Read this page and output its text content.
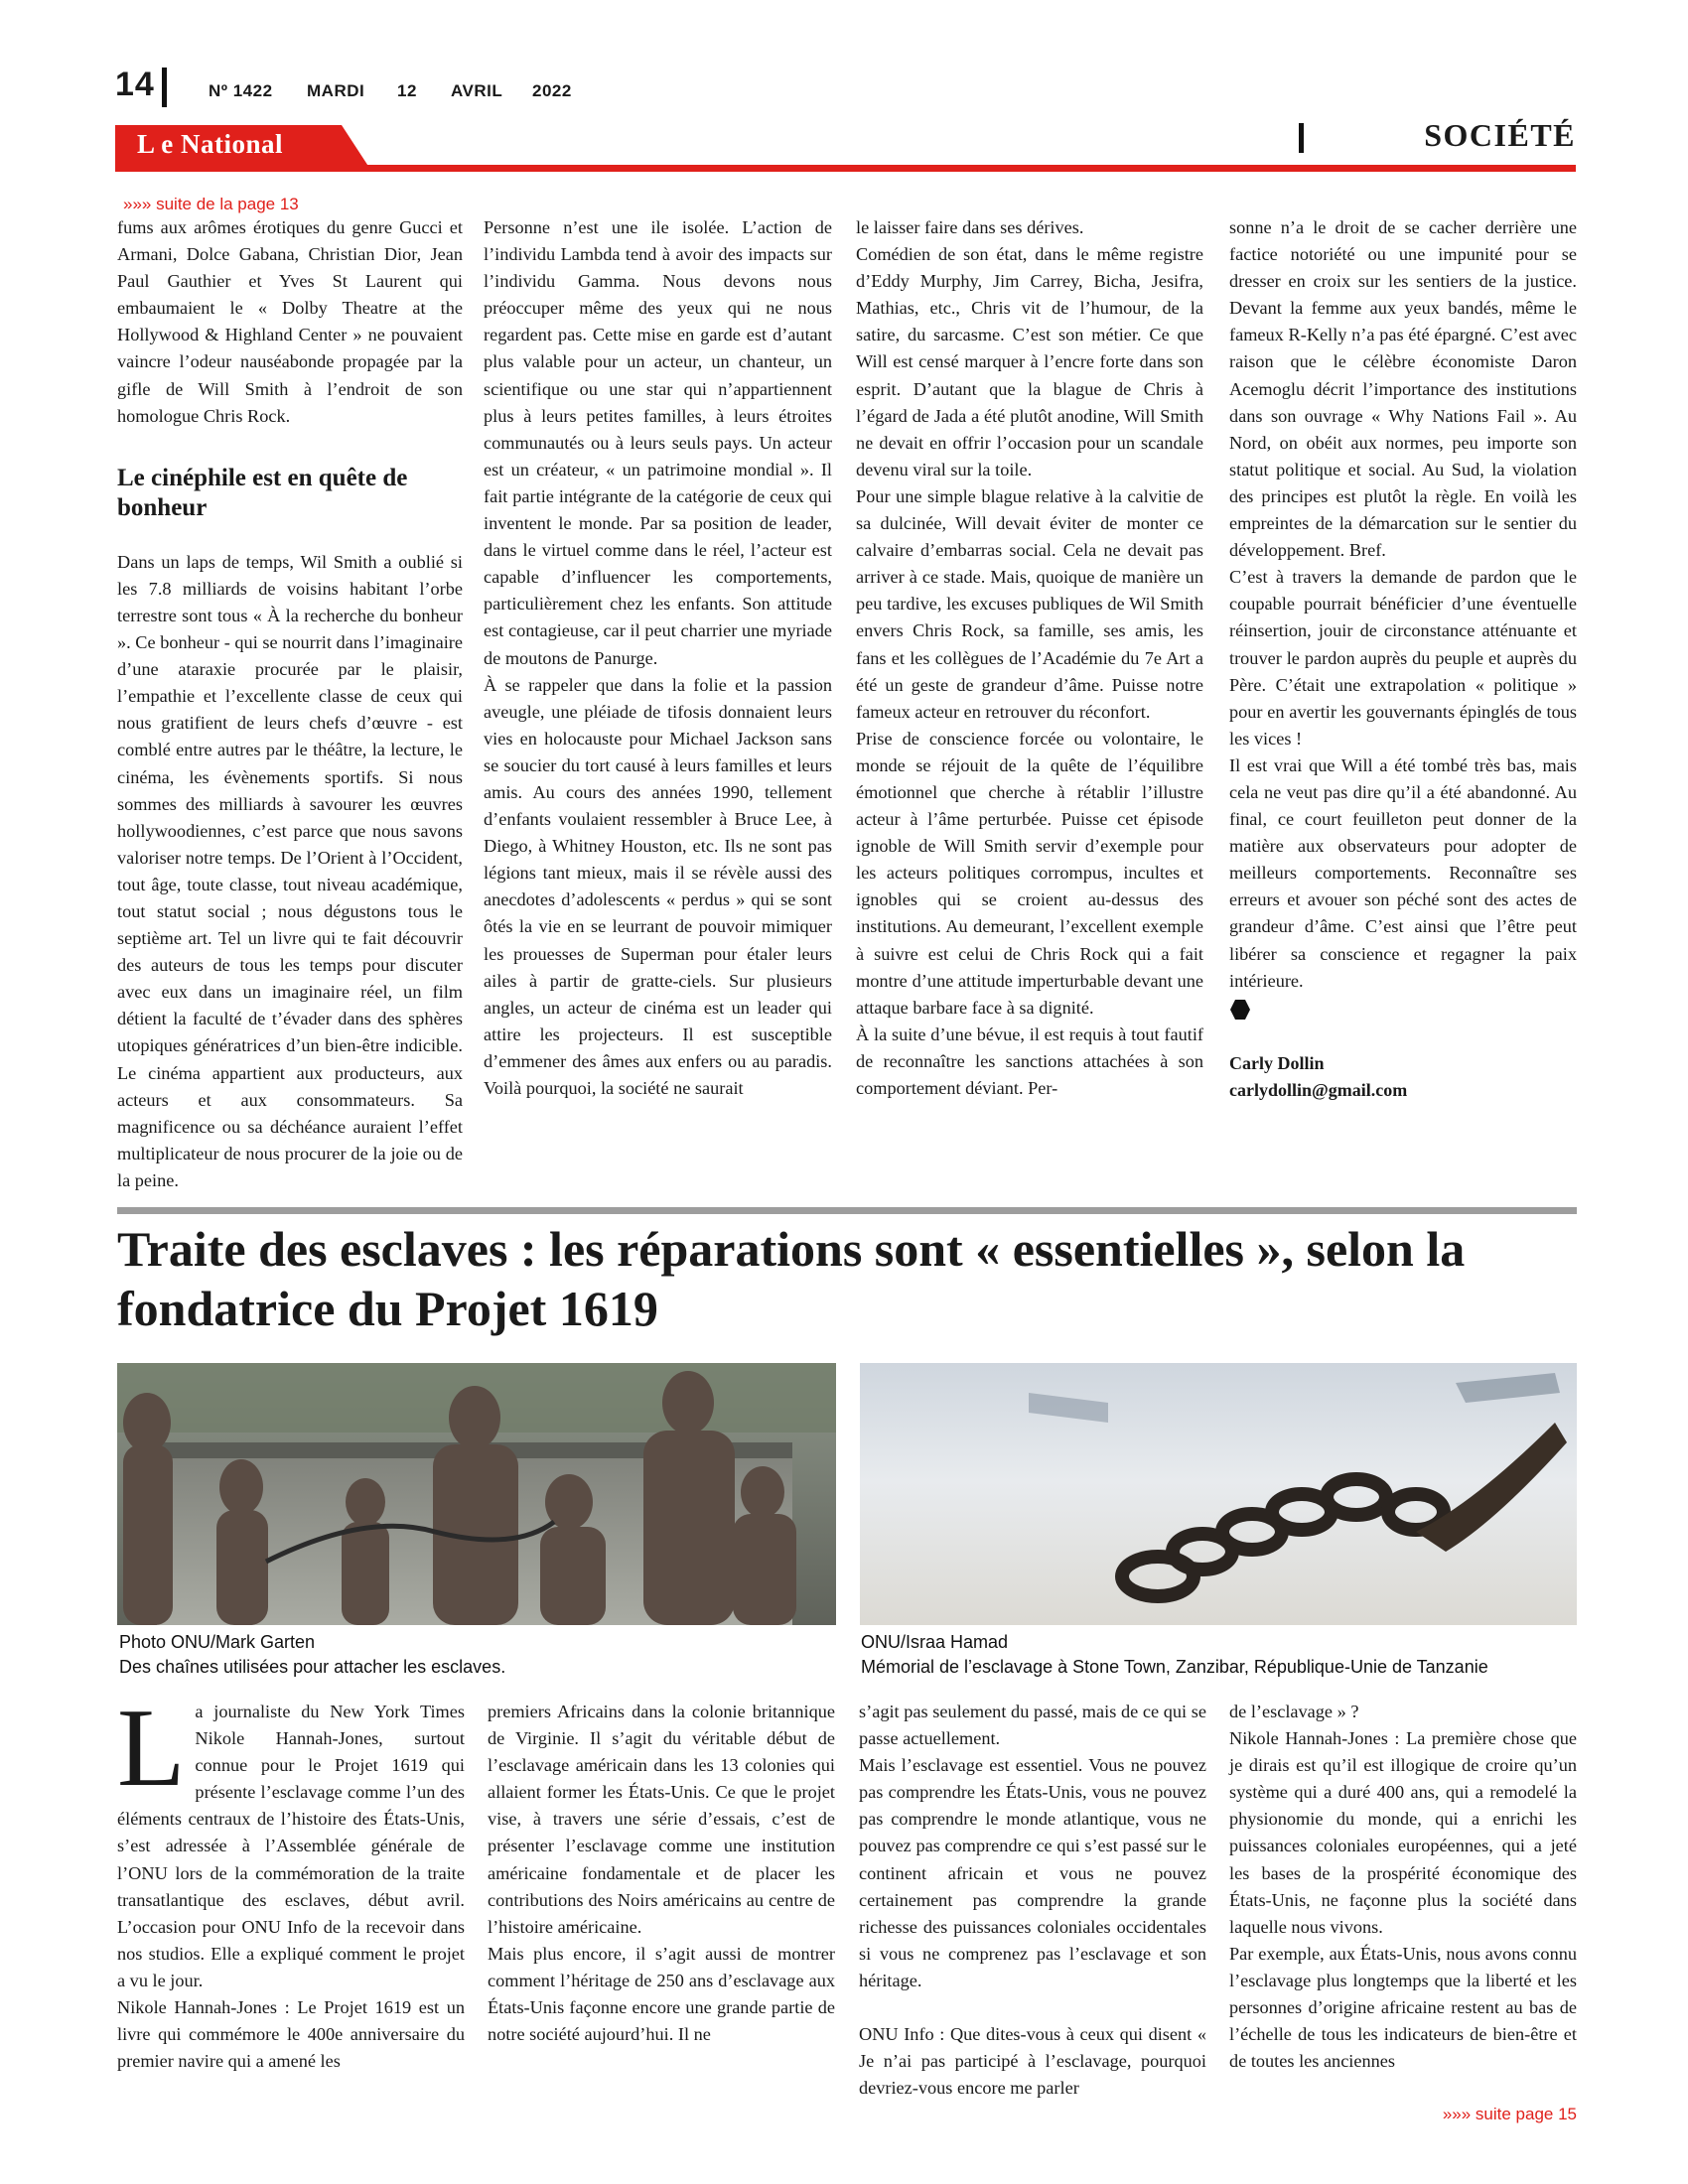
14	Nº 1422 MARDI 12 AVRIL 2022
L e National	SOCIÉTÉ
»»» suite de la page 13

fums aux arômes érotiques du genre Gucci et Armani, Dolce Gabana, Christian Dior, Jean Paul Gauthier et Yves St Laurent qui embaumaient le « Dolby Theatre at the Hollywood & Highland Center » ne pouvaient vaincre l’odeur nauséabonde propagée par la gifle de Will Smith à l’endroit de son homologue Chris Rock.

Le cinéphile est en quête de bonheur

Dans un laps de temps, Wil Smith a oublié si les 7.8 milliards de voisins habitant l’orbe terrestre sont tous « À la recherche du bonheur ». Ce bonheur - qui se nourrit dans l’imaginaire d’une ataraxie procurée par le plaisir, l’empathie et l’excellente classe de ceux qui nous gratifient de leurs chefs d’œuvre - est comblé entre autres par le théâtre, la lecture, le cinéma, les évènements sportifs. Si nous sommes des milliards à savourer les œuvres hollywoodiennes, c’est parce que nous savons valoriser notre temps. De l’Orient à l’Occident, tout âge, toute classe, tout niveau académique, tout statut social ; nous dégustons tous le septième art. Tel un livre qui te fait découvrir des auteurs de tous les temps pour discuter avec eux dans un imaginaire réel, un film détient la faculté de t’évader dans des sphères utopiques génératrices d’un bien-être indicible. Le cinéma appartient aux producteurs, aux acteurs et aux consommateurs. Sa magnificence ou sa déchéance auraient l’effet multiplicateur de nous procurer de la joie ou de la peine.

Personne n’est une ile isolée. L’action de l’individu Lambda tend à avoir des impacts sur l’individu Gamma. Nous devons nous préoccuper même des yeux qui ne nous regardent pas. Cette mise en garde est d’autant plus valable pour un acteur, un chanteur, un scientifique ou une star qui n’appartiennent plus à leurs petites familles, à leurs étroites communautés ou à leurs seuls pays. Un acteur est un créateur, « un patrimoine mondial ». Il fait partie intégrante de la catégorie de ceux qui inventent le monde. Par sa position de leader, dans le virtuel comme dans le réel, l’acteur est capable d’influencer les comportements, particulièrement chez les enfants. Son attitude est contagieuse, car il peut charrier une myriade de moutons de Panurge.

À se rappeler que dans la folie et la passion aveugle, une pléiade de tifosis donnaient leurs vies en holocauste pour Michael Jackson sans se soucier du tort causé à leurs familles et leurs amis. Au cours des années 1990, tellement d’enfants voulaient ressembler à Bruce Lee, à Diego, à Whitney Houston, etc. Ils ne sont pas légions tant mieux, mais il se révèle aussi des anecdotes d’adolescents « perdus » qui se sont ôtés la vie en se leurrant de pouvoir mimiquer les prouesses de Superman pour étaler leurs ailes à partir de gratte-ciels. Sur plusieurs angles, un acteur de cinéma est un leader qui attire les projecteurs. Il est susceptible d’emmener des âmes aux enfers ou au paradis. Voilà pourquoi, la société ne saurait

le laisser faire dans ses dérives.

Comédien de son état, dans le même registre d’Eddy Murphy, Jim Carrey, Bicha, Jesifra, Mathias, etc., Chris vit de l’humour, de la satire, du sarcasme. C’est son métier. Ce que Will est censé marquer à l’encre forte dans son esprit. D’autant que la blague de Chris à l’égard de Jada a été plutôt anodine, Will Smith ne devait en offrir l’occasion pour un scandale devenu viral sur la toile.

Pour une simple blague relative à la calvitie de sa dulcinée, Will devait éviter de monter ce calvaire d’embarras social. Cela ne devait pas arriver à ce stade. Mais, quoique de manière un peu tardive, les excuses publiques de Wil Smith envers Chris Rock, sa famille, ses amis, les fans et les collègues de l’Académie du 7e Art a été un geste de grandeur d’âme. Puisse notre fameux acteur en retrouver du réconfort.

Prise de conscience forcée ou volontaire, le monde se réjouit de la quête de l’équilibre émotionnel que cherche à rétablir l’illustre acteur à l’âme perturbée. Puisse cet épisode ignoble de Will Smith servir d’exemple pour les acteurs politiques corrompus, incultes et ignobles qui se croient au-dessus des institutions. Au demeurant, l’excellent exemple à suivre est celui de Chris Rock qui a fait montre d’une attitude imperturbable devant une attaque barbare face à sa dignité.

À la suite d’une bévue, il est requis à tout fautif de reconnaître les sanctions attachées à son comportement déviant. Per-

sonne n’a le droit de se cacher derrière une factice notoriété ou une impunité pour se dresser en croix sur les sentiers de la justice. Devant la femme aux yeux bandés, même le fameux R-Kelly n’a pas été épargné. C’est avec raison que le célèbre économiste Daron Acemoglu décrit l’importance des institutions dans son ouvrage « Why Nations Fail ». Au Nord, on obéit aux normes, peu importe son statut politique et social. Au Sud, la violation des principes est plutôt la règle. En voilà les empreintes de la démarcation sur le sentier du développement. Bref.

C’est à travers la demande de pardon que le coupable pourrait bénéficier d’une éventuelle réinsertion, jouir de circonstance atténuante et trouver le pardon auprès du peuple et auprès du Père. C’était une extrapolation « politique » pour en avertir les gouvernants épinglés de tous les vices !

Il est vrai que Will a été tombé très bas, mais cela ne veut pas dire qu’il a été abandonné. Au final, ce court feuilleton peut donner de la matière aux observateurs pour adopter de meilleurs comportements. Reconnaître ses erreurs et avouer son péché sont des actes de grandeur d’âme. C’est ainsi que l’être peut libérer sa conscience et regagner la paix intérieure.

Carly Dollin
carlydollin@gmail.com
Traite des esclaves : les réparations sont « essentielles », selon la fondatrice du Projet 1619
Photo ONU/Mark Garten
Des chaînes utilisées pour attacher les esclaves.
ONU/Israa Hamad
Mémorial de l’esclavage à Stone Town, Zanzibar, République-Unie de Tanzanie

La journaliste du New York Times Nikole Hannah-Jones, surtout connue pour le Projet 1619 qui présente l’esclavage comme l’un des éléments centraux de l’histoire des États-Unis, s’est adressée à l’Assemblée générale de l’ONU lors de la commémoration de la traite transatlantique des esclaves, début avril. L’occasion pour ONU Info de la recevoir dans nos studios. Elle a expliqué comment le projet a vu le jour.

Nikole Hannah-Jones : Le Projet 1619 est un livre qui commémore le 400e anniversaire du premier navire qui a amené les

premiers Africains dans la colonie britannique de Virginie. Il s’agit du véritable début de l’esclavage américain dans les 13 colonies qui allaient former les États-Unis. Ce que le projet vise, à travers une série d’essais, c’est de présenter l’esclavage comme une institution américaine fondamentale et de placer les contributions des Noirs américains au centre de l’histoire américaine.

Mais plus encore, il s’agit aussi de montrer comment l’héritage de 250 ans d’esclavage aux États-Unis façonne encore une grande partie de notre société aujourd’hui. Il ne

s’agit pas seulement du passé, mais de ce qui se passe actuellement.

Mais l’esclavage est essentiel. Vous ne pouvez pas comprendre les États-Unis, vous ne pouvez pas comprendre le monde atlantique, vous ne pouvez pas comprendre ce qui s’est passé sur le continent africain et vous ne pouvez certainement pas comprendre la grande richesse des puissances coloniales occidentales si vous ne comprenez pas l’esclavage et son héritage.

ONU Info : Que dites-vous à ceux qui disent « Je n’ai pas participé à l’esclavage, pourquoi devriez-vous encore me parler

de l’esclavage » ?

Nikole Hannah-Jones : La première chose que je dirais est qu’il est illogique de croire qu’un système qui a duré 400 ans, qui a remodelé la physionomie du monde, qui a enrichi les puissances coloniales européennes, qui a jeté les bases de la prospérité économique des États-Unis, ne façonne plus la société dans laquelle nous vivons.

Par exemple, aux États-Unis, nous avons connu l’esclavage plus longtemps que la liberté et les personnes d’origine africaine restent au bas de l’échelle de tous les indicateurs de bien-être et de toutes les anciennes

»»» suite page 15
